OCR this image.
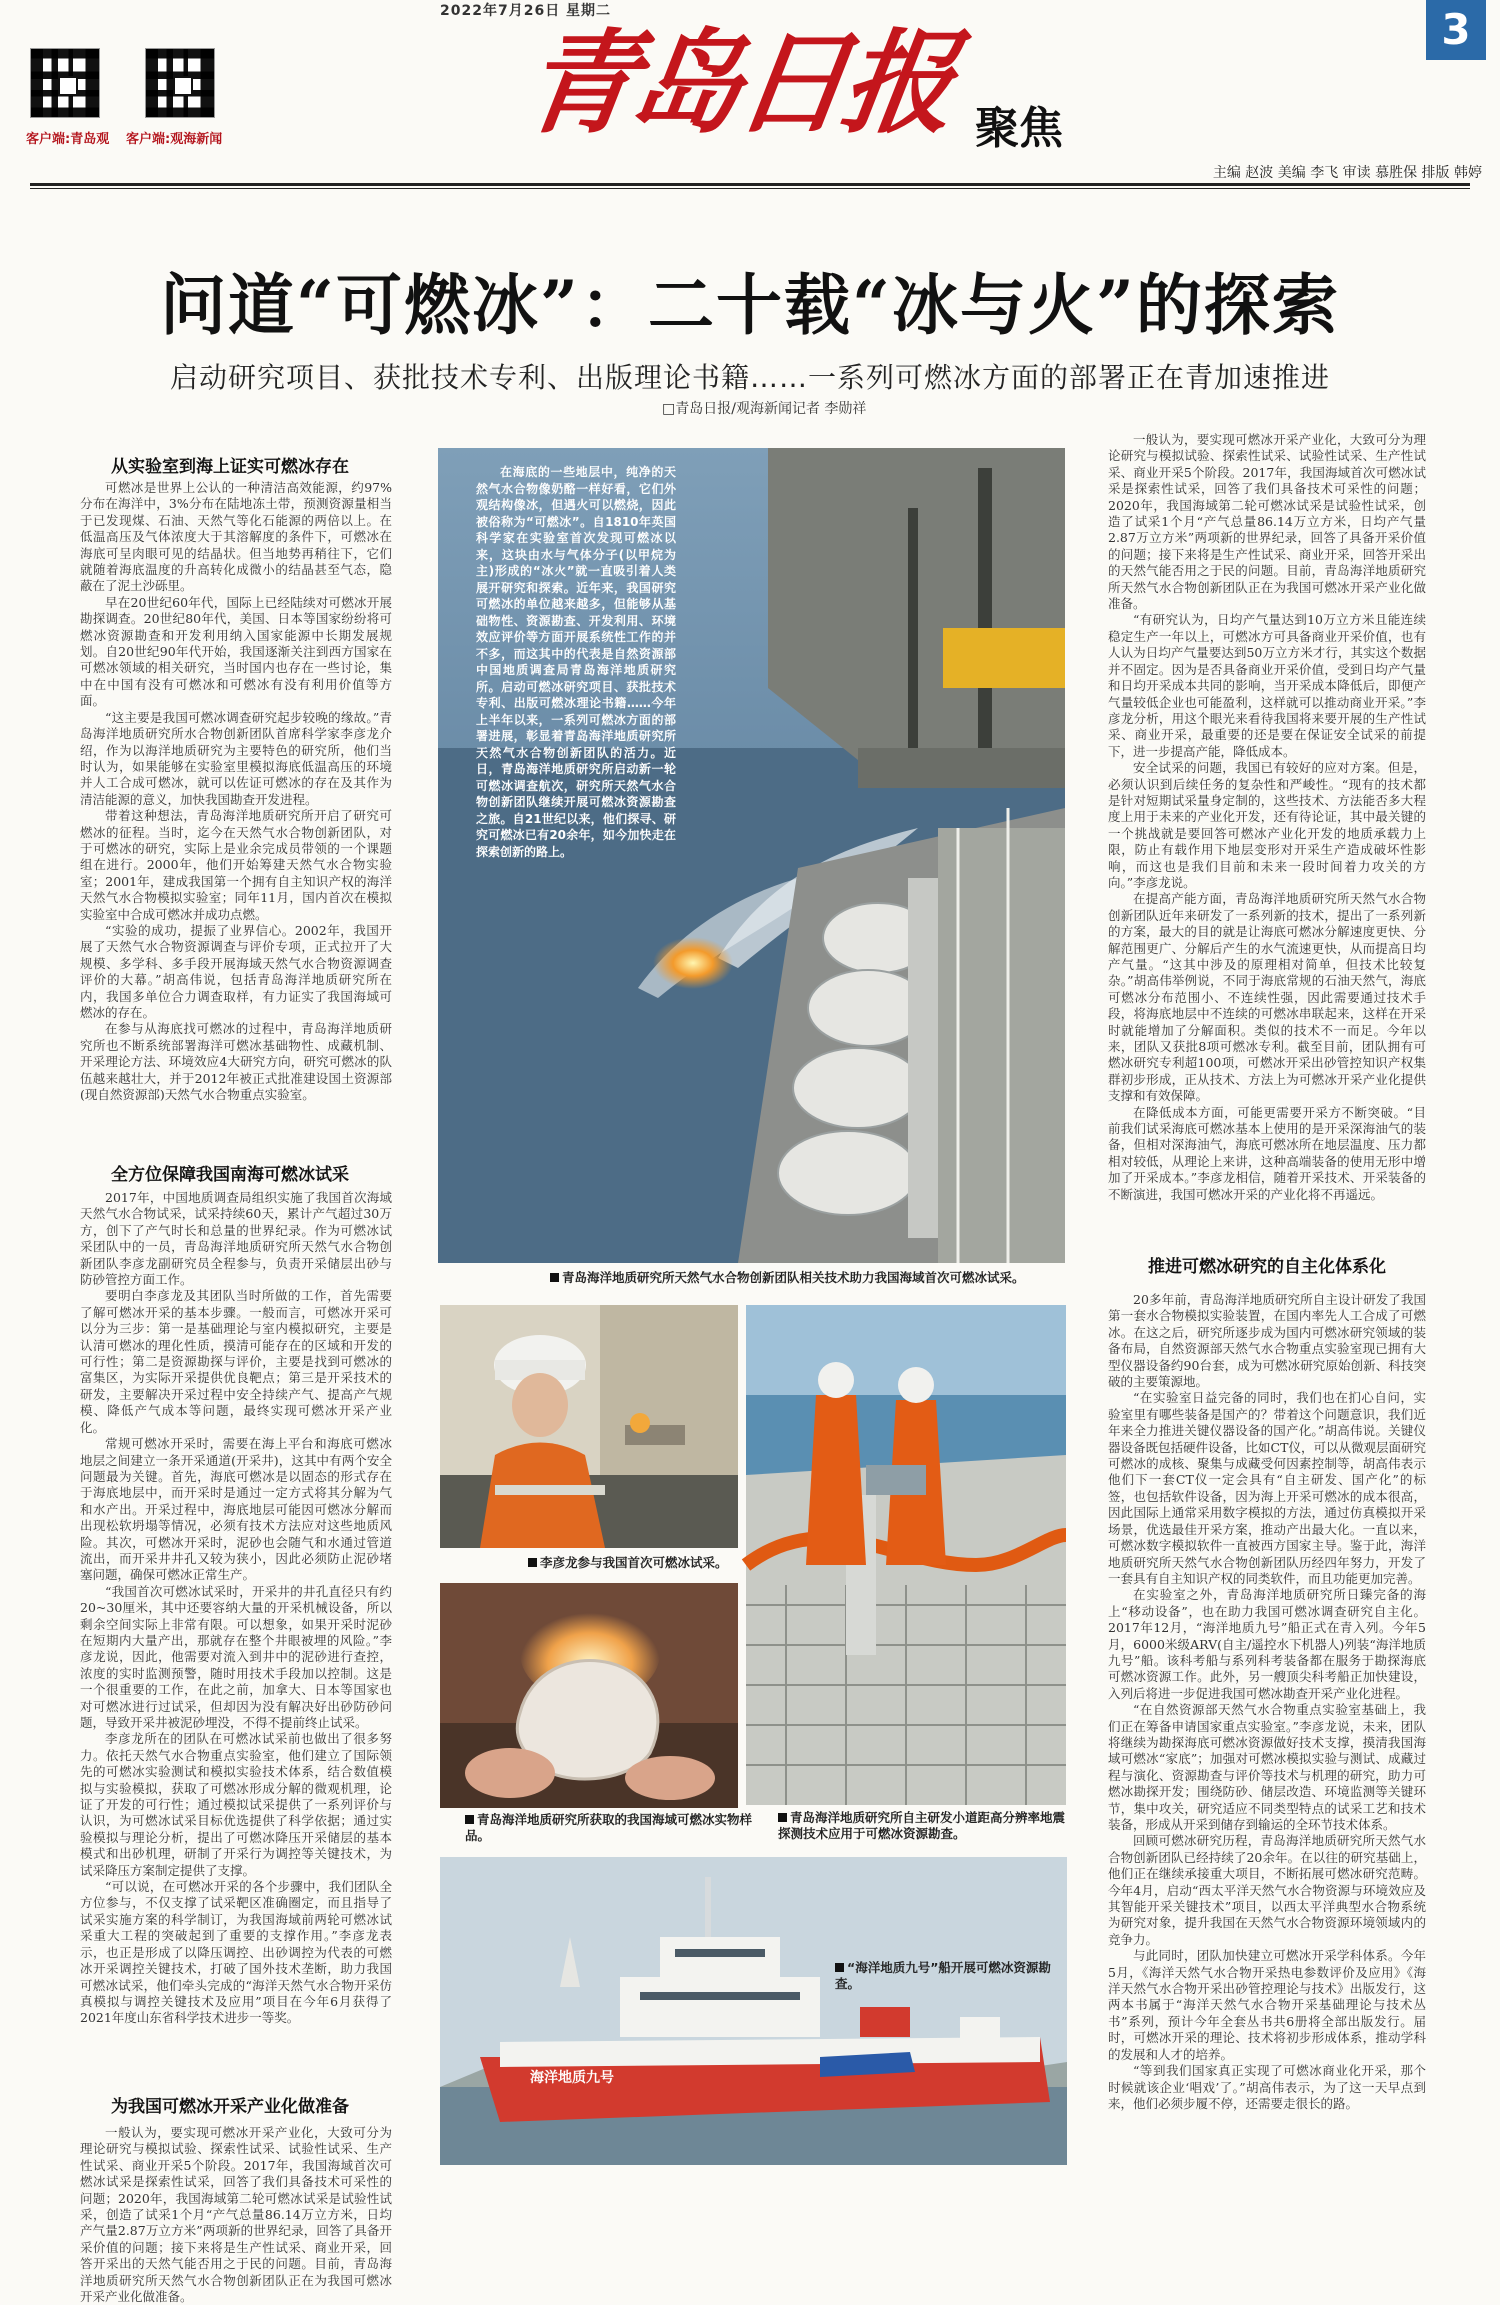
2022年7月26日 星期二
客户端:青岛观 客户端:观海新闻	青岛日报 聚焦
3
主编 赵波 美编 李飞 审读 慕胜保 排版 韩婷
问道“可燃冰”：二十载“冰与火”的探索
启动研究项目、获批技术专利、出版理论书籍……一系列可燃冰方面的部署正在青加速推进
□青岛日报/观海新闻记者 李勋祥
从实验室到海上证实可燃冰存在

可燃冰是世界上公认的一种清洁高效能源，约97%分布在海洋中，3%分布在陆地冻土带，预测资源量相当于已发现煤、石油、天然气等化石能源的两倍以上。在低温高压及气体浓度大于其溶解度的条件下，可燃冰在海底可呈肉眼可见的结晶状。但当地势再稍往下，它们就随着海底温度的升高转化成微小的结晶甚至气态，隐蔽在了泥土沙砾里。

早在20世纪60年代，国际上已经陆续对可燃冰开展勘探调查。20世纪80年代，美国、日本等国家纷纷将可燃冰资源勘查和开发利用纳入国家能源中长期发展规划。自20世纪90年代开始，我国逐渐关注到西方国家在可燃冰领域的相关研究，当时国内也存在一些讨论，集中在中国有没有可燃冰和可燃冰有没有利用价值等方面。

“这主要是我国可燃冰调查研究起步较晚的缘故。”青岛海洋地质研究所水合物创新团队首席科学家李彦龙介绍，作为以海洋地质研究为主要特色的研究所，他们当时认为，如果能够在实验室里模拟海底低温高压的环境并人工合成可燃冰，就可以佐证可燃冰的存在及其作为清洁能源的意义，加快我国勘查开发进程。

带着这种想法，青岛海洋地质研究所开启了研究可燃冰的征程。当时，迄今在天然气水合物创新团队，对于可燃冰的研究，实际上是业余完成员带领的一个课题组在进行。2000年，他们开始筹建天然气水合物实验室；2001年，建成我国第一个拥有自主知识产权的海洋天然气水合物模拟实验室；同年11月，国内首次在模拟实验室中合成可燃冰并成功点燃。

“实验的成功，提振了业界信心。2002年，我国开展了天然气水合物资源调查与评价专项，正式拉开了大规模、多学科、多手段开展海域天然气水合物资源调查评价的大幕。”胡高伟说，包括青岛海洋地质研究所在内，我国多单位合力调查取样，有力证实了我国海域可燃冰的存在。

在参与从海底找可燃冰的过程中，青岛海洋地质研究所也不断系统部署海洋可燃冰基础物性、成藏机制、开采理论方法、环境效应4大研究方向，研究可燃冰的队伍越来越壮大，并于2012年被正式批准建设国土资源部(现自然资源部)天然气水合物重点实验室。

全方位保障我国南海可燃冰试采

2017年，中国地质调查局组织实施了我国首次海域天然气水合物试采，试采持续60天，累计产气超过30万方，创下了产气时长和总量的世界纪录。作为可燃冰试采团队中的一员，青岛海洋地质研究所天然气水合物创新团队李彦龙副研究员全程参与，负责开采储层出砂与防砂管控方面工作。

要明白李彦龙及其团队当时所做的工作，首先需要了解可燃冰开采的基本步骤。一般而言，可燃冰开采可以分为三步：第一是基础理论与室内模拟研究，主要是认清可燃冰的理化性质，摸清可能存在的区域和开发的可行性；第二是资源勘探与评价，主要是找到可燃冰的富集区，为实际开采提供优良靶点；第三是开采技术的研发，主要解决开采过程中安全持续产气、提高产气规模、降低产气成本等问题，最终实现可燃冰开采产业化。

常规可燃冰开采时，需要在海上平台和海底可燃冰地层之间建立一条开采通道(开采井)，这其中有两个安全问题最为关键。首先，海底可燃冰是以固态的形式存在于海底地层中，而开采时是通过一定方式将其分解为气和水产出。开采过程中，海底地层可能因可燃冰分解而出现松软坍塌等情况，必须有技术方法应对这些地质风险。其次，可燃冰开采时，泥砂也会随气和水通过管道流出，而开采井井孔又较为狭小，因此必须防止泥砂堵塞问题，确保可燃冰正常生产。

“我国首次可燃冰试采时，开采井的井孔直径只有约20~30厘米，其中还要容纳大量的开采机械设备，所以剩余空间实际上非常有限。可以想象，如果开采时泥砂在短期内大量产出，那就存在整个井眼被埋的风险。”李彦龙说，因此，他需要对流入到井中的泥砂进行查控，浓度的实时监测预警，随时用技术手段加以控制。这是一个很重要的工作，在此之前，加拿大、日本等国家也对可燃冰进行过试采，但却因为没有解决好出砂防砂问题，导致开采井被泥砂埋没，不得不提前终止试采。

李彦龙所在的团队在可燃冰试采前也做出了很多努力。依托天然气水合物重点实验室，他们建立了国际领先的可燃冰实验测试和模拟实验技术体系，结合数值模拟与实验模拟，获取了可燃冰形成分解的微观机理，论证了开发的可行性；通过模拟试采提供了一系列评价与认识，为可燃冰试采目标优选提供了科学依据；通过实验模拟与理论分析，提出了可燃冰降压开采储层的基本模式和出砂机理，研制了开采行为调控等关键技术，为试采降压方案制定提供了支撑。

“可以说，在可燃冰开采的各个步骤中，我们团队全方位参与，不仅支撑了试采靶区准确圈定，而且指导了试采实施方案的科学制订，为我国海域前两轮可燃冰试采重大工程的突破起到了重要的支撑作用。”李彦龙表示，也正是形成了以降压调控、出砂调控为代表的可燃冰开采调控关键技术，打破了国外技术垄断，助力我国可燃冰试采，他们牵头完成的“海洋天然气水合物开采仿真模拟与调控关键技术及应用”项目在今年6月获得了2021年度山东省科学技术进步一等奖。

为我国可燃冰开采产业化做准备

一般认为，要实现可燃冰开采产业化，大致可分为理论研究与模拟试验、探索性试采、试验性试采、生产性试采、商业开采5个阶段。2017年，我国海域首次可燃冰试采是探索性试采，回答了我们具备技术可采性的问题；2020年，我国海域第二轮可燃冰试采是试验性试采，创造了试采1个月“产气总量86.14万立方米，日均产气量2.87万立方米”两项新的世界纪录，回答了具备开采价值的问题；接下来将是生产性试采、商业开采，回答开采出的天然气能否用之于民的问题。目前，青岛海洋地质研究所天然气水合物创新团队正在为我国可燃冰开采产业化做准备。

在海底的一些地层中，纯净的天然气水合物像奶酪一样好看，它们外观结构像冰，但遇火可以燃烧，因此被俗称为“可燃冰”。自1810年英国科学家在实验室首次发现可燃冰以来，这块由水与气体分子(以甲烷为主)形成的“冰火”就一直吸引着人类展开研究和探索。近年来，我国研究可燃冰的单位越来越多，但能够从基础物性、资源勘查、开发利用、环境效应评价等方面开展系统性工作的并不多，而这其中的代表是自然资源部中国地质调查局青岛海洋地质研究所。启动可燃冰研究项目、获批技术专利、出版可燃冰理论书籍……今年上半年以来，一系列可燃冰方面的部署进展，彰显着青岛海洋地质研究所天然气水合物创新团队的活力。近日，青岛海洋地质研究所启动新一轮可燃冰调查航次，研究所天然气水合物创新团队继续开展可燃冰资源勘查之旅。自21世纪以来，他们探寻、研究可燃冰已有20余年，如今加快走在探索创新的路上。
青岛海洋地质研究所天然气水合物创新团队相关技术助力我国海域首次可燃冰试采。
李彦龙参与我国首次可燃冰试采。
青岛海洋地质研究所自主研发小道距高分辨率地震探测技术应用于可燃冰资源勘查。
青岛海洋地质研究所获取的我国海域可燃冰实物样品。
海洋地质九号
“海洋地质九号”船开展可燃冰资源勘查。

一般认为，要实现可燃冰开采产业化，大致可分为理论研究与模拟试验、探索性试采、试验性试采、生产性试采、商业开采5个阶段。2017年，我国海域首次可燃冰试采是探索性试采，回答了我们具备技术可采性的问题；2020年，我国海域第二轮可燃冰试采是试验性试采，创造了试采1个月“产气总量86.14万立方米，日均产气量2.87万立方米”两项新的世界纪录，回答了具备开采价值的问题；接下来将是生产性试采、商业开采，回答开采出的天然气能否用之于民的问题。目前，青岛海洋地质研究所天然气水合物创新团队正在为我国可燃冰开采产业化做准备。

“有研究认为，日均产气量达到10万立方米且能连续稳定生产一年以上，可燃冰方可具备商业开采价值，也有人认为日均产气量要达到50万立方米才行，其实这个数据并不固定。因为是否具备商业开采价值，受到日均产气量和日均开采成本共同的影响，当开采成本降低后，即便产气量较低企业也可能盈利，这样就可以推动商业开采。”李彦龙分析，用这个眼光来看待我国将来要开展的生产性试采、商业开采，最重要的还是要在保证安全试采的前提下，进一步提高产能，降低成本。

安全试采的问题，我国已有较好的应对方案。但是，必须认识到后续任务的复杂性和严峻性。“现有的技术都是针对短期试采量身定制的，这些技术、方法能否多大程度上用于未来的产业化开发，还有待论证，其中最关键的一个挑战就是要回答可燃冰产业化开发的地质承载力上限，防止有载作用下地层变形对开采生产造成破坏性影响，而这也是我们目前和未来一段时间着力攻关的方向。”李彦龙说。

在提高产能方面，青岛海洋地质研究所天然气水合物创新团队近年来研发了一系列新的技术，提出了一系列新的方案，最大的目的就是让海底可燃冰分解速度更快、分解范围更广、分解后产生的水气流速更快，从而提高日均产气量。“这其中涉及的原理相对简单，但技术比较复杂。”胡高伟举例说，不同于海底常规的石油天然气，海底可燃冰分布范围小、不连续性强，因此需要通过技术手段，将海底地层中不连续的可燃冰串联起来，这样在开采时就能增加了分解面积。类似的技术不一而足。今年以来，团队又获批8项可燃冰专利。截至目前，团队拥有可燃冰研究专利超100项，可燃冰开采出砂管控知识产权集群初步形成，正从技术、方法上为可燃冰开采产业化提供支撑和有效保障。

在降低成本方面，可能更需要开采方不断突破。“目前我们试采海底可燃冰基本上使用的是开采深海油气的装备，但相对深海油气，海底可燃冰所在地层温度、压力都相对较低，从理论上来讲，这种高端装备的使用无形中增加了开采成本。”李彦龙相信，随着开采技术、开采装备的不断演进，我国可燃冰开采的产业化将不再遥远。

推进可燃冰研究的自主化体系化

20多年前，青岛海洋地质研究所自主设计研发了我国第一套水合物模拟实验装置，在国内率先人工合成了可燃冰。在这之后，研究所逐步成为国内可燃冰研究领域的装备布局，自然资源部天然气水合物重点实验室现已拥有大型仪器设备约90台套，成为可燃冰研究原始创新、科技突破的主要策源地。

“在实验室日益完备的同时，我们也在扪心自问，实验室里有哪些装备是国产的？带着这个问题意识，我们近年来全力推进关键仪器设备的国产化。”胡高伟说。关键仪器设备既包括硬件设备，比如CT仪，可以从微观层面研究可燃冰的成核、聚集与成藏受何因素控制等，胡高伟表示他们下一套CT仪一定会具有“自主研发、国产化”的标签，也包括软件设备，因为海上开采可燃冰的成本很高，因此国际上通常采用数字模拟的方法，通过仿真模拟开采场景，优选最佳开采方案，推动产出最大化。一直以来，可燃冰数字模拟软件一直被西方国家主导。鉴于此，海洋地质研究所天然气水合物创新团队历经四年努力，开发了一套具有自主知识产权的同类软件，而且功能更加完善。

在实验室之外，青岛海洋地质研究所日臻完备的海上“移动设备”，也在助力我国可燃冰调查研究自主化。2017年12月，“海洋地质九号”船正式在青入列。今年5月，6000米级ARV(自主/遥控水下机器人)列装“海洋地质九号”船。该科考船与系列科考装备都在服务于勘探海底可燃冰资源工作。此外，另一艘顶尖科考船正加快建设，入列后将进一步促进我国可燃冰勘查开采产业化进程。

“在自然资源部天然气水合物重点实验室基础上，我们正在筹备申请国家重点实验室。”李彦龙说，未来，团队将继续为勘探海底可燃冰资源做好技术支撑，摸清我国海域可燃冰“家底”；加强对可燃冰模拟实验与测试、成藏过程与演化、资源勘查与评价等技术与机理的研究，助力可燃冰勘探开发；围绕防砂、储层改造、环境监测等关键环节，集中攻关，研究适应不同类型特点的试采工艺和技术装备，形成从开采到储存到输运的全环节技术体系。

回顾可燃冰研究历程，青岛海洋地质研究所天然气水合物创新团队已经持续了20余年。在以往的研究基础上，他们正在继续承接重大项目，不断拓展可燃冰研究范畴。今年4月，启动“西太平洋天然气水合物资源与环境效应及其智能开采关键技术”项目，以西太平洋典型水合物系统为研究对象，提升我国在天然气水合物资源环境领域内的竞争力。

与此同时，团队加快建立可燃冰开采学科体系。今年5月，《海洋天然气水合物开采热电参数评价及应用》《海洋天然气水合物开采出砂管控理论与技术》出版发行，这两本书属于“海洋天然气水合物开采基础理论与技术丛书”系列，预计今年全套丛书共6册将全部出版发行。届时，可燃冰开采的理论、技术将初步形成体系，推动学科的发展和人才的培养。

“等到我们国家真正实现了可燃冰商业化开采，那个时候就该企业‘唱戏’了。”胡高伟表示，为了这一天早点到来，他们必须步履不停，还需要走很长的路。
